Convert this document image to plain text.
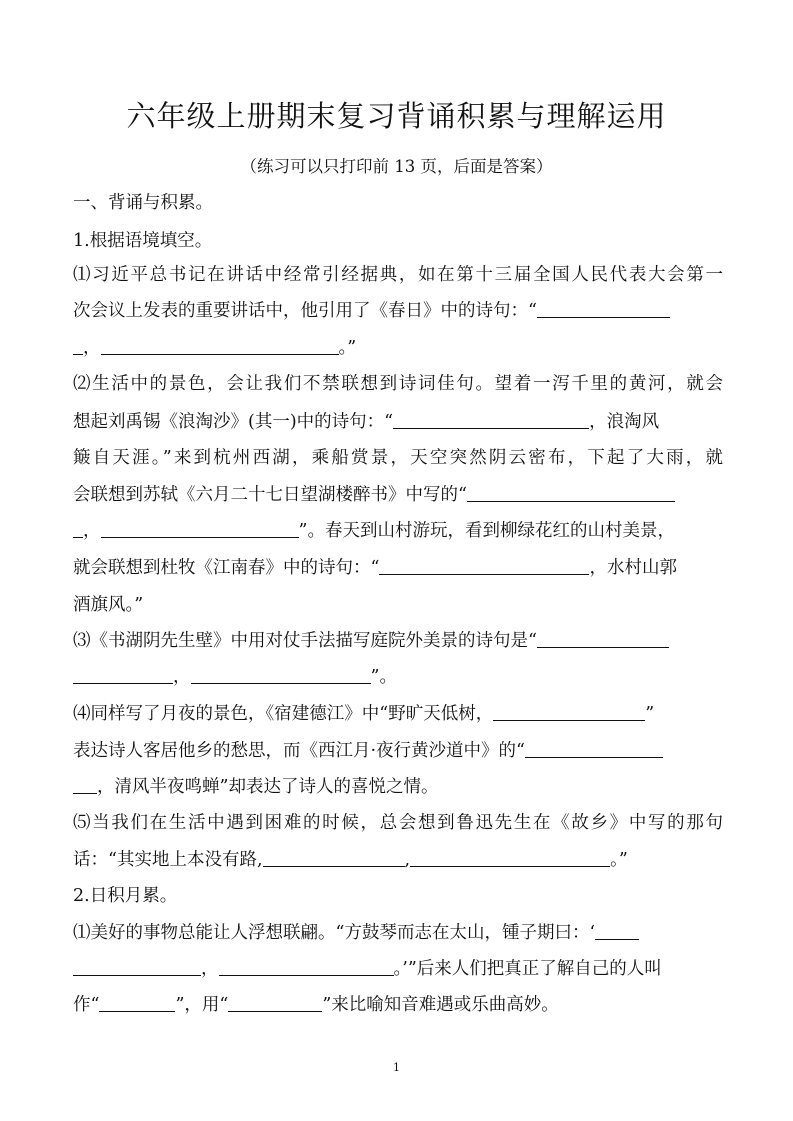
六年级上册期末复习背诵积累与理解运用
（练习可以只打印前 13 页，后面是答案）
一、背诵与积累。
1.根据语境填空。
⑴习近平总书记在讲话中经常引经据典，如在第十三届全国人民代表大会第一
次会议上发表的重要讲话中，他引用了《春日》中的诗句：“
，	。”
⑵生活中的景色，会让我们不禁联想到诗词佳句。望着一泻千里的黄河，就会
想起刘禹锡《浪淘沙》(其一)中的诗句：“	，浪淘风
簸自天涯。”来到杭州西湖，乘船赏景，天空突然阴云密布，下起了大雨，就
会联想到苏轼《六月二十七日望湖楼醉书》中写的“
，	”。春天到山村游玩，看到柳绿花红的山村美景，
就会联想到杜牧《江南春》中的诗句：“	，水村山郭
酒旗风。”
⑶《书湖阴先生壁》中用对仗手法描写庭院外美景的诗句是“
，	”。
⑷同样写了月夜的景色，《宿建德江》中“野旷天低树，	”
表达诗人客居他乡的愁思，而《西江月·夜行黄沙道中》的“
，清风半夜鸣蝉”却表达了诗人的喜悦之情。
⑸当我们在生活中遇到困难的时候，总会想到鲁迅先生在《故乡》中写的那句
话：“其实地上本没有路,	,	。”
2.日积月累。
⑴美好的事物总能让人浮想联翩。“方鼓琴而志在太山，锺子期曰：‘
，	。’”后来人们把真正了解自己的人叫
作“	”，用“	”来比喻知音难遇或乐曲高妙。
1
